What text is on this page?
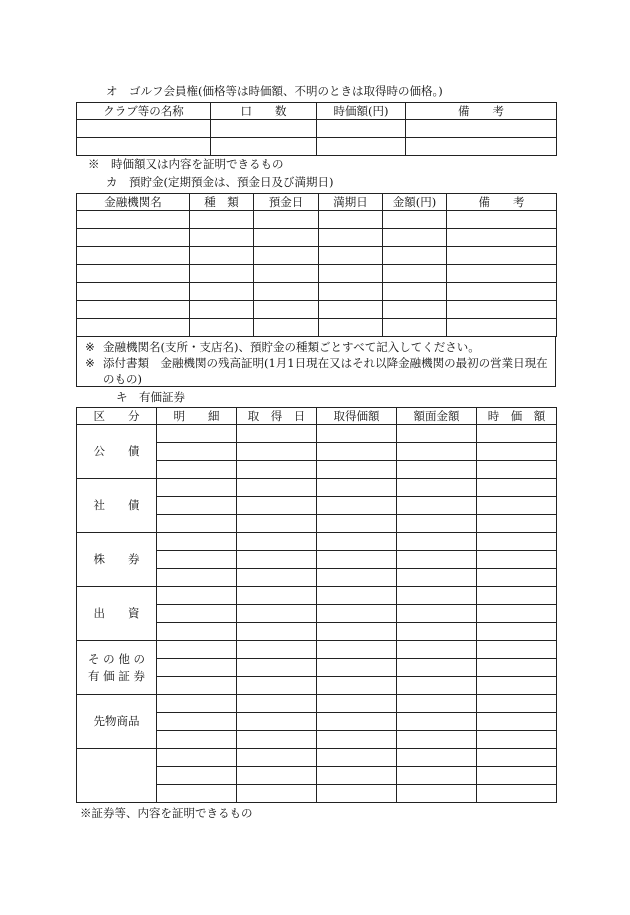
オ　ゴルフ会員権(価格等は時価額、不明のときは取得時の価格。)
クラブ等の名称	口　　数	時価額(円)	備　　考

※　時価額又は内容を証明できるもの
カ　預貯金(定期預金は、預金日及び満期日)
金融機関名	種　類	預金日	満期日	金額(円)	備　　考

※ 金融機関名(支所・支店名)、預貯金の種類ごとすべて記入してください。
※ 添付書類　金融機関の残高証明(1月1日現在又はそれ以降金融機関の最初の営業日現在のもの)
キ　有価証券
区　　分	明　　細	取　得　日	取得価額	額面金額	時　価　額

公　　債					

社　　債					

株　　券					

出　　資					

そ の 他 の
有 価 証 券					

先物商品					

※証券等、内容を証明できるもの
